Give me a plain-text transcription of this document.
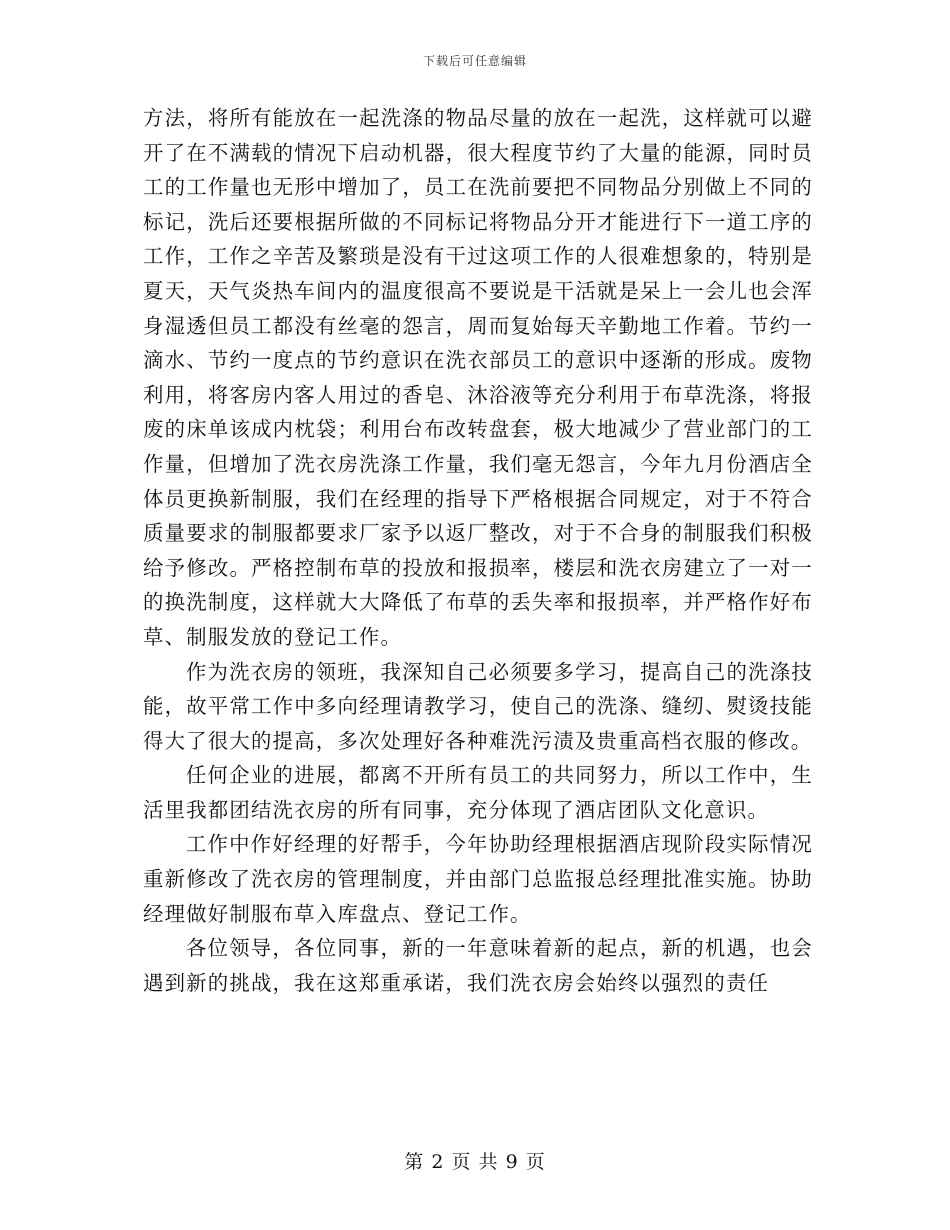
下载后可任意编辑

方法，将所有能放在一起洗涤的物品尽量的放在一起洗，这样就可以避开了在不满载的情况下启动机器，很大程度节约了大量的能源，同时员工的工作量也无形中增加了，员工在洗前要把不同物品分别做上不同的标记，洗后还要根据所做的不同标记将物品分开才能进行下一道工序的工作，工作之辛苦及繁琐是没有干过这项工作的人很难想象的，特别是夏天，天气炎热车间内的温度很高不要说是干活就是呆上一会儿也会浑身湿透但员工都没有丝毫的怨言，周而复始每天辛勤地工作着。节约一滴水、节约一度点的节约意识在洗衣部员工的意识中逐渐的形成。废物利用，将客房内客人用过的香皂、沐浴液等充分利用于布草洗涤，将报废的床单该成内枕袋；利用台布改转盘套，极大地减少了营业部门的工作量，但增加了洗衣房洗涤工作量，我们毫无怨言，今年九月份酒店全体员更换新制服，我们在经理的指导下严格根据合同规定，对于不符合质量要求的制服都要求厂家予以返厂整改，对于不合身的制服我们积极给予修改。严格控制布草的投放和报损率，楼层和洗衣房建立了一对一的换洗制度，这样就大大降低了布草的丢失率和报损率，并严格作好布草、制服发放的登记工作。

作为洗衣房的领班，我深知自己必须要多学习，提高自己的洗涤技能，故平常工作中多向经理请教学习，使自己的洗涤、缝纫、熨烫技能得大了很大的提高，多次处理好各种难洗污渍及贵重高档衣服的修改。

任何企业的进展，都离不开所有员工的共同努力，所以工作中，生活里我都团结洗衣房的所有同事，充分体现了酒店团队文化意识。

工作中作好经理的好帮手，今年协助经理根据酒店现阶段实际情况重新修改了洗衣房的管理制度，并由部门总监报总经理批准实施。协助经理做好制服布草入库盘点、登记工作。

各位领导，各位同事，新的一年意味着新的起点，新的机遇，也会遇到新的挑战，我在这郑重承诺，我们洗衣房会始终以强烈的责任

第 2 页 共 9 页
